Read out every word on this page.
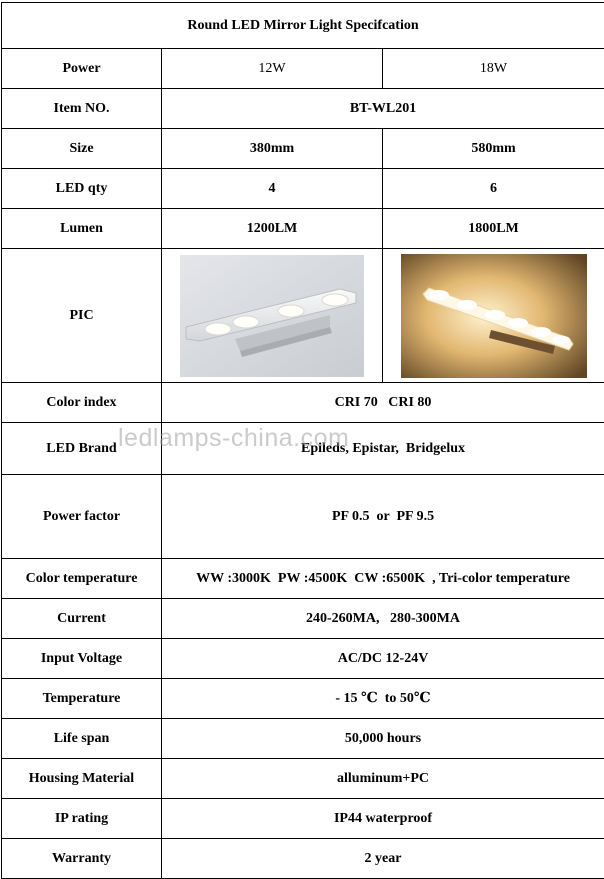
Round LED Mirror Light Specifcation		
Power	12W	18W
Item NO.	BT-WL201	
Size	380mm	580mm
LED qty	4	6
Lumen	1200LM	1800LM
PIC	

Color index	CRI 70   CRI 80	
LED Brand	Epileds, Epistar,  Bridgelux	
Power factor	PF 0.5  or  PF 9.5	
Color temperature	WW :3000K  PW :4500K  CW :6500K  , Tri-color temperature	
Current	240-260MA,   280-300MA	
Input Voltage	AC/DC 12-24V	
Temperature	- 15 ℃  to 50℃	
Life span	50,000 hours	
Housing Material	alluminum+PC	
IP rating	IP44 waterproof	
Warranty	2 year	
ledlamps-china.com
